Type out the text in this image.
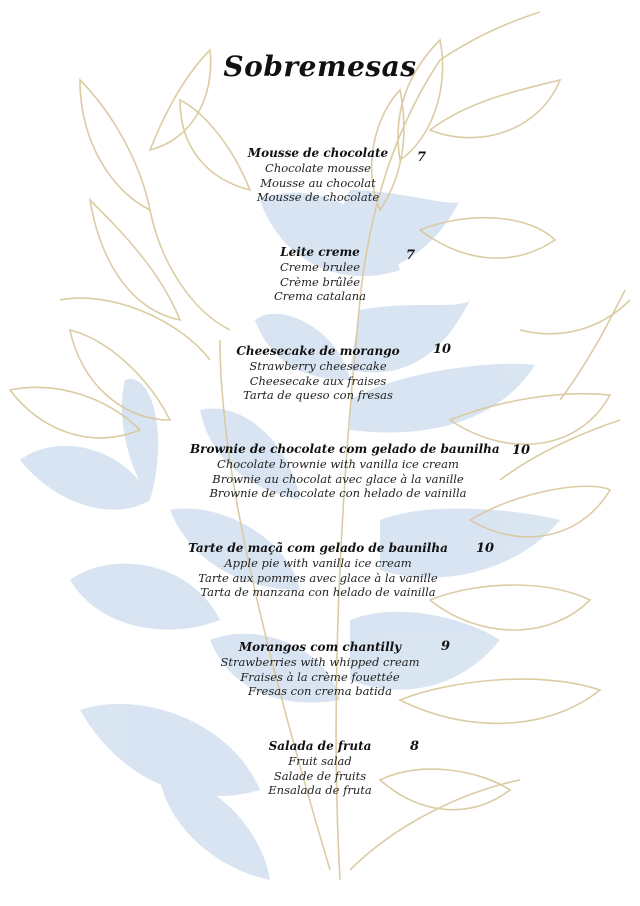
Sobremesas
Mousse de chocolate
Chocolate mousse
Mousse au chocolat
Mousse de chocolate
7
Leite creme
Creme brulee
Crème brûlée
Crema catalana
7
Cheesecake de morango
Strawberry cheesecake
Cheesecake aux fraises
Tarta de queso con fresas
10
Brownie de chocolate com gelado de baunilha
Chocolate brownie with vanilla ice cream
Brownie au chocolat avec glace à la vanille
Brownie de chocolate con helado de vainilla
10
Tarte de maçã com gelado de baunilha
Apple pie with vanilla ice cream
Tarte aux pommes avec glace à la vanille
Tarta de manzana con helado de vainilla
10
Morangos com chantilly
Strawberries with whipped cream
Fraises à la crème fouettée
Fresas con crema batida
9
Salada de fruta
Fruit salad
Salade de fruits
Ensalada de fruta
8
